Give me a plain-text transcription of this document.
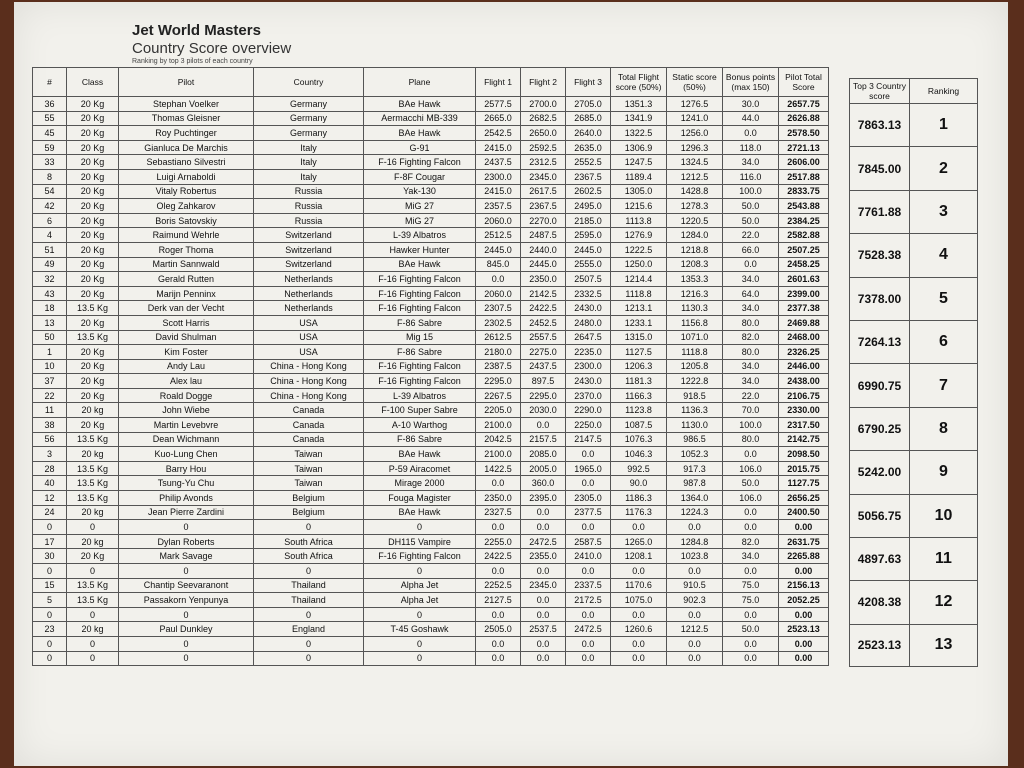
Jet World Masters
Country Score overview
Ranking by top 3 pilots of each country
#	Class	Pilot	Country	Plane	Flight 1	Flight 2	Flight 3	Total Flight score (50%)	Static score (50%)	Bonus points (max 150)	Pilot Total Score
36	20 Kg	Stephan Voelker	Germany	BAe Hawk	2577.5	2700.0	2705.0	1351.3	1276.5	30.0	2657.75
55	20 Kg	Thomas Gleisner	Germany	Aermacchi MB-339	2665.0	2682.5	2685.0	1341.9	1241.0	44.0	2626.88
45	20 Kg	Roy Puchtinger	Germany	BAe Hawk	2542.5	2650.0	2640.0	1322.5	1256.0	0.0	2578.50
59	20 Kg	Gianluca De Marchis	Italy	G-91	2415.0	2592.5	2635.0	1306.9	1296.3	118.0	2721.13
33	20 Kg	Sebastiano Silvestri	Italy	F-16 Fighting Falcon	2437.5	2312.5	2552.5	1247.5	1324.5	34.0	2606.00
8	20 Kg	Luigi Arnaboldi	Italy	F-8F Cougar	2300.0	2345.0	2367.5	1189.4	1212.5	116.0	2517.88
54	20 Kg	Vitaly Robertus	Russia	Yak-130	2415.0	2617.5	2602.5	1305.0	1428.8	100.0	2833.75
42	20 Kg	Oleg Zahkarov	Russia	MiG 27	2357.5	2367.5	2495.0	1215.6	1278.3	50.0	2543.88
6	20 Kg	Boris Satovskiy	Russia	MiG 27	2060.0	2270.0	2185.0	1113.8	1220.5	50.0	2384.25
4	20 Kg	Raimund Wehrle	Switzerland	L-39 Albatros	2512.5	2487.5	2595.0	1276.9	1284.0	22.0	2582.88
51	20 Kg	Roger Thoma	Switzerland	Hawker Hunter	2445.0	2440.0	2445.0	1222.5	1218.8	66.0	2507.25
49	20 Kg	Martin Sannwald	Switzerland	BAe Hawk	845.0	2445.0	2555.0	1250.0	1208.3	0.0	2458.25
32	20 Kg	Gerald Rutten	Netherlands	F-16 Fighting Falcon	0.0	2350.0	2507.5	1214.4	1353.3	34.0	2601.63
43	20 Kg	Marijn Penninx	Netherlands	F-16 Fighting Falcon	2060.0	2142.5	2332.5	1118.8	1216.3	64.0	2399.00
18	13.5 Kg	Derk van der Vecht	Netherlands	F-16 Fighting Falcon	2307.5	2422.5	2430.0	1213.1	1130.3	34.0	2377.38
13	20 Kg	Scott Harris	USA	F-86 Sabre	2302.5	2452.5	2480.0	1233.1	1156.8	80.0	2469.88
50	13.5 Kg	David Shulman	USA	Mig 15	2612.5	2557.5	2647.5	1315.0	1071.0	82.0	2468.00
1	20 Kg	Kim Foster	USA	F-86 Sabre	2180.0	2275.0	2235.0	1127.5	1118.8	80.0	2326.25
10	20 Kg	Andy Lau	China - Hong Kong	F-16 Fighting Falcon	2387.5	2437.5	2300.0	1206.3	1205.8	34.0	2446.00
37	20 Kg	Alex lau	China - Hong Kong	F-16 Fighting Falcon	2295.0	897.5	2430.0	1181.3	1222.8	34.0	2438.00
22	20 Kg	Roald Dogge	China - Hong Kong	L-39 Albatros	2267.5	2295.0	2370.0	1166.3	918.5	22.0	2106.75
11	20 kg	John Wiebe	Canada	F-100 Super Sabre	2205.0	2030.0	2290.0	1123.8	1136.3	70.0	2330.00
38	20 Kg	Martin Levebvre	Canada	A-10 Warthog	2100.0	0.0	2250.0	1087.5	1130.0	100.0	2317.50
56	13.5 Kg	Dean Wichmann	Canada	F-86 Sabre	2042.5	2157.5	2147.5	1076.3	986.5	80.0	2142.75
3	20 kg	Kuo-Lung Chen	Taiwan	BAe Hawk	2100.0	2085.0	0.0	1046.3	1052.3	0.0	2098.50
28	13.5 Kg	Barry Hou	Taiwan	P-59 Airacomet	1422.5	2005.0	1965.0	992.5	917.3	106.0	2015.75
40	13.5 Kg	Tsung-Yu Chu	Taiwan	Mirage 2000	0.0	360.0	0.0	90.0	987.8	50.0	1127.75
12	13.5 Kg	Philip Avonds	Belgium	Fouga Magister	2350.0	2395.0	2305.0	1186.3	1364.0	106.0	2656.25
24	20 kg	Jean Pierre Zardini	Belgium	BAe Hawk	2327.5	0.0	2377.5	1176.3	1224.3	0.0	2400.50
0	0	0	0	0	0.0	0.0	0.0	0.0	0.0	0.0	0.00
17	20 kg	Dylan Roberts	South Africa	DH115 Vampire	2255.0	2472.5	2587.5	1265.0	1284.8	82.0	2631.75
30	20 Kg	Mark Savage	South Africa	F-16 Fighting Falcon	2422.5	2355.0	2410.0	1208.1	1023.8	34.0	2265.88
0	0	0	0	0	0.0	0.0	0.0	0.0	0.0	0.0	0.00
15	13.5 Kg	Chantip Seevaranont	Thailand	Alpha Jet	2252.5	2345.0	2337.5	1170.6	910.5	75.0	2156.13
5	13.5 Kg	Passakorn Yenpunya	Thailand	Alpha Jet	2127.5	0.0	2172.5	1075.0	902.3	75.0	2052.25
0	0	0	0	0	0.0	0.0	0.0	0.0	0.0	0.0	0.00
23	20 kg	Paul Dunkley	England	T-45 Goshawk	2505.0	2537.5	2472.5	1260.6	1212.5	50.0	2523.13
0	0	0	0	0	0.0	0.0	0.0	0.0	0.0	0.0	0.00
0	0	0	0	0	0.0	0.0	0.0	0.0	0.0	0.0	0.00
Top 3 Country score	Ranking
7863.13	1
7845.00	2
7761.88	3
7528.38	4
7378.00	5
7264.13	6
6990.75	7
6790.25	8
5242.00	9
5056.75	10
4897.63	11
4208.38	12
2523.13	13
